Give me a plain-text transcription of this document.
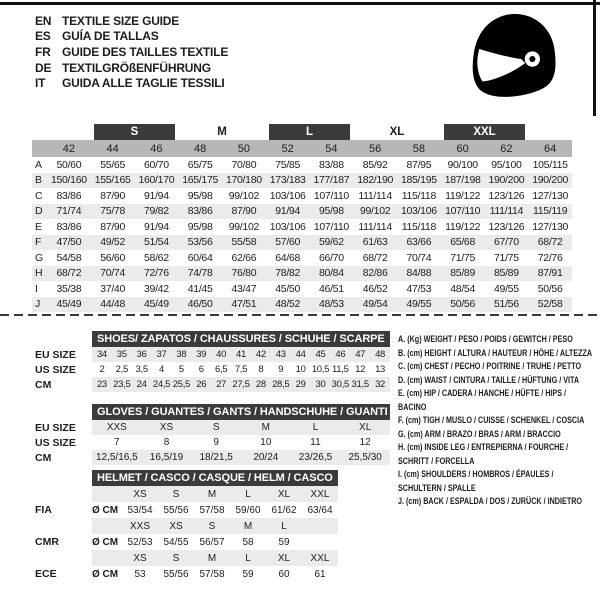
EN TEXTILE SIZE GUIDE
ES GUÍA DE TALLAS
FR GUIDE DES TAILLES TEXTILE
DE TEXTILGRÖßENFÜHRUNG
IT	GUIDA ALLE TAGLIE TESSILI
S	M	L	XL	XXL
42	44	46	48	50	52	54	56	58	60	62	64
A	50/60	55/65	60/70	65/75	70/80	75/85	83/88	85/92	87/95	90/100	95/100	105/115
B 150/160 155/165 160/170 165/175 170/180 173/183 177/187 182/190 185/195 187/198 190/200 190/200
C	83/86	87/90	91/94	95/98	99/102	103/106 107/110 111/114 115/118 119/122 123/126 127/130
D	71/74	75/78	79/82	83/86	87/90	91/94	95/98	99/102	103/106 107/110 111/114 115/119
E	83/86	87/90	91/94	95/98	99/102	103/106 107/110 111/114 115/118 119/122 123/126 127/130
F	47/50	49/52	51/54	53/56	55/58	57/60	59/62	61/63	63/66	65/68	67/70	68/72
G	54/58	56/60	58/62	60/64	62/66	64/68	66/70	68/72	70/74	71/75	71/75	72/76
H	68/72	70/74	72/76	74/78	76/80	78/82	80/84	82/86	84/88	85/89	85/89	87/91
I	35/38	37/40	39/42	41/45	43/47	45/50	46/51	46/52	47/53	48/54	49/55	50/56
J	45/49	44/48	45/49	46/50	47/51	48/52	48/53	49/54	49/55	50/56	51/56	52/58
SHOES/ ZAPATOS / CHAUSSURES / SCHUHE / SCARPE
EU SIZE	34	35	36	37	38	39	40	41	42	43	44	45	46	47	48
US SIZE	2	2,5 3,5	4	5	6	6,5 7,5	8	9	10 10,5 11,5 12	13
CM	23 23,5 24 24,5 25,5 26	27 27,5 28 28,5 29	30 30,5 31,5 32
GLOVES / GUANTES / GANTS / HANDSCHUHE / GUANTI
EU SIZE	XXS	XS	S	M	L	XL
US SIZE	7	8	9	10	11	12
CM	12,5/16,5	16,5/19	18/21,5	20/24	23/26,5	25,5/30
HELMET / CASCO / CASQUE / HELM / CASCO
XS	S	M	L	XL	XXL
FIA	Ø CM 53/54	55/56	57/58	59/60	61/62	63/64
XXS	XS	S	M	L
CMR	Ø CM 52/53	54/55	56/57	58	59
XS	S	M	L	XL	XXL
ECE	Ø CM	53	55/56	57/58	59	60	61
A. (Kg) WEIGHT / PESO / POIDS / GEWITCH / PESO
B. (cm) HEIGHT / ALTURA / HAUTEUR / HÖHE / ALTEZZA
C. (cm) CHEST / PECHO / POITRINE / TRUHE / PETTO
D. (cm) WAIST / CINTURA / TAILLE / HÜFTUNG / VITA
E. (cm) HIP / CADERA / HANCHE / HÜFTE / HIPS / BACINO
F. (cm) TIGH / MUSLO / CUISSE / SCHENKEL / COSCIA
G. (cm) ARM / BRAZO / BRAS / ARM / BRACCIO
H. (cm) INSIDE LEG / ENTREPIERNA / FOURCHE / SCHRITT / FORCELLA
I. (cm) SHOULDERS / HOMBROS / ÉPAULES / SCHULTERN / SPALLE
J. (cm) BACK / ESPALDA / DOS / ZURÜCK / INDIETRO
